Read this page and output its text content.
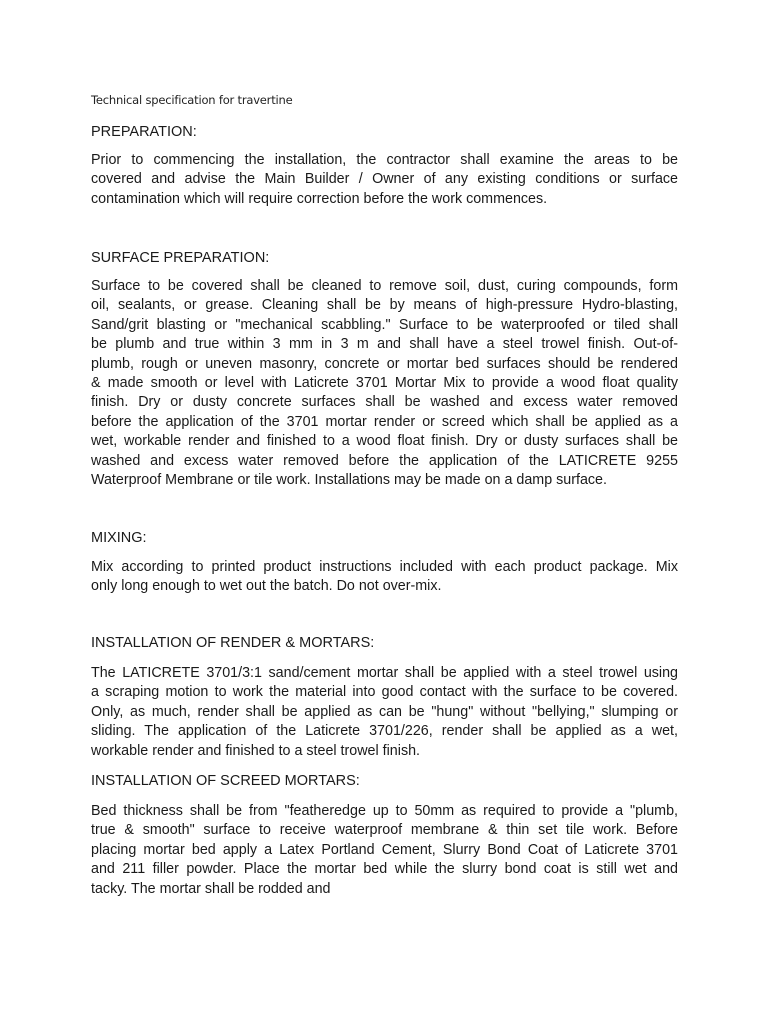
Technical specification for travertine
PREPARATION:
Prior to commencing the installation, the contractor shall examine the areas to be
covered and advise the Main Builder / Owner of any existing conditions or surface
contamination which will require correction before the work commences.
SURFACE PREPARATION:
Surface to be covered shall be cleaned to remove soil, dust, curing compounds, form
oil, sealants, or grease. Cleaning shall be by means of high-pressure Hydro-blasting,
Sand/grit blasting or "mechanical scabbling." Surface to be waterproofed or tiled shall
be plumb and true within 3 mm in 3 m and shall have a steel trowel finish. Out-of-
plumb, rough or uneven masonry, concrete or mortar bed surfaces should be rendered
& made smooth or level with Laticrete 3701 Mortar Mix to provide a wood float quality
finish. Dry or dusty concrete surfaces shall be washed and excess water removed
before the application of the 3701 mortar render or screed which shall be applied as a
wet, workable render and finished to a wood float finish. Dry or dusty surfaces shall be
washed and excess water removed before the application of the LATICRETE 9255
Waterproof Membrane or tile work. Installations may be made on a damp surface.
MIXING:
Mix according to printed product instructions included with each product package. Mix
only long enough to wet out the batch. Do not over-mix.
INSTALLATION OF RENDER & MORTARS:
The LATICRETE 3701/3:1 sand/cement mortar shall be applied with a steel trowel using
a scraping motion to work the material into good contact with the surface to be covered.
Only, as much, render shall be applied as can be "hung" without "bellying," slumping or
sliding. The application of the Laticrete 3701/226, render shall be applied as a wet,
workable render and finished to a steel trowel finish.
INSTALLATION OF SCREED MORTARS:
Bed thickness shall be from "featheredge up to 50mm as required to provide a "plumb,
true & smooth" surface to receive waterproof membrane & thin set tile work. Before
placing mortar bed apply a Latex Portland Cement, Slurry Bond Coat of Laticrete 3701
and 211 filler powder. Place the mortar bed while the slurry bond coat is still wet and
tacky. The mortar shall be rodded and
